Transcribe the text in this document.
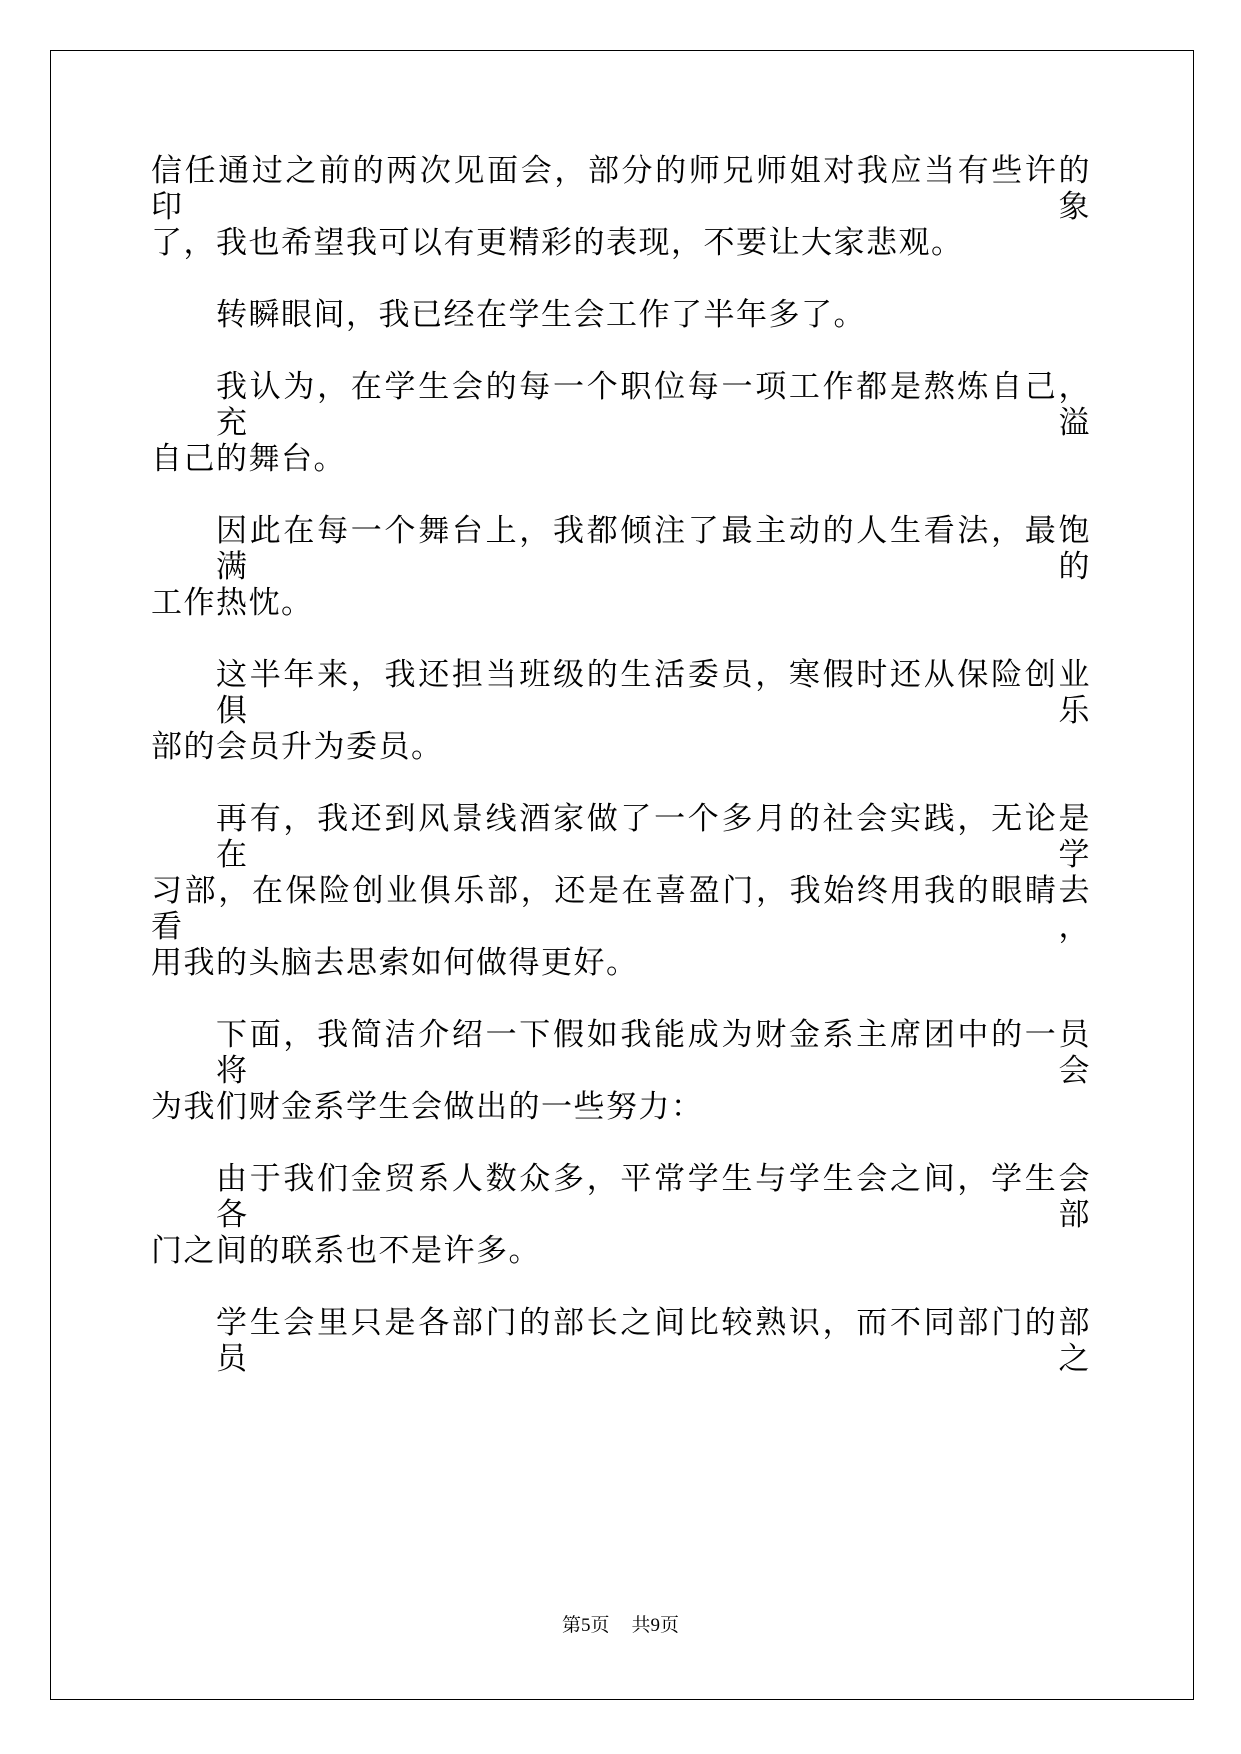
信任通过之前的两次见面会，部分的师兄师姐对我应当有些许的印象
了，我也希望我可以有更精彩的表现，不要让大家悲观。
转瞬眼间，我已经在学生会工作了半年多了。
我认为，在学生会的每一个职位每一项工作都是熬炼自己，充溢
自己的舞台。
因此在每一个舞台上，我都倾注了最主动的人生看法，最饱满的
工作热忱。
这半年来，我还担当班级的生活委员，寒假时还从保险创业俱乐
部的会员升为委员。
再有，我还到风景线酒家做了一个多月的社会实践，无论是在学
习部，在保险创业俱乐部，还是在喜盈门，我始终用我的眼睛去看，
用我的头脑去思索如何做得更好。
下面，我简洁介绍一下假如我能成为财金系主席团中的一员将会
为我们财金系学生会做出的一些努力：
由于我们金贸系人数众多，平常学生与学生会之间，学生会各部
门之间的联系也不是许多。
学生会里只是各部门的部长之间比较熟识，而不同部门的部员之
第5页 共9页
